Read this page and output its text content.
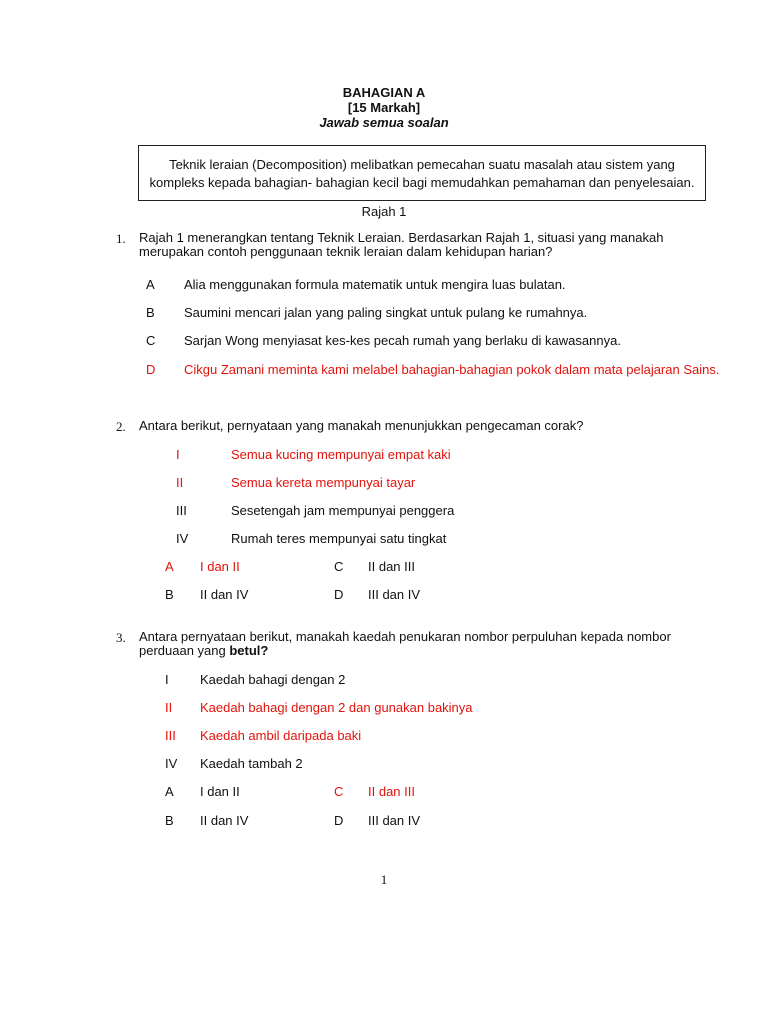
BAHAGIAN A
[15 Markah]
Jawab semua soalan
Teknik leraian (Decomposition) melibatkan pemecahan suatu masalah atau sistem yang
kompleks kepada bahagian- bahagian kecil bagi memudahkan pemahaman dan penyelesaian.
Rajah 1
1. Rajah 1 menerangkan tentang Teknik Leraian. Berdasarkan Rajah 1, situasi yang manakah
merupakan contoh penggunaan teknik leraian dalam kehidupan harian?
A Alia menggunakan formula matematik untuk mengira luas bulatan.
B Saumini mencari jalan yang paling singkat untuk pulang ke rumahnya.
C Sarjan Wong menyiasat kes-kes pecah rumah yang berlaku di kawasannya.
D Cikgu Zamani meminta kami melabel bahagian-bahagian pokok dalam mata pelajaran Sains.
2. Antara berikut, pernyataan yang manakah menunjukkan pengecaman corak?
I	Semua kucing mempunyai empat kaki
II	Semua kereta mempunyai tayar
III	Sesetengah jam mempunyai penggera
IV	Rumah teres mempunyai satu tingkat
A I dan II	C II dan III
B II dan IV	D III dan IV
3. Antara pernyataan berikut, manakah kaedah penukaran nombor perpuluhan kepada nombor
perduaan yang betul?
I Kaedah bahagi dengan 2
II Kaedah bahagi dengan 2 dan gunakan bakinya
III Kaedah ambil daripada baki
IV Kaedah tambah 2
A I dan II	C II dan III
B II dan IV	D III dan IV
1
